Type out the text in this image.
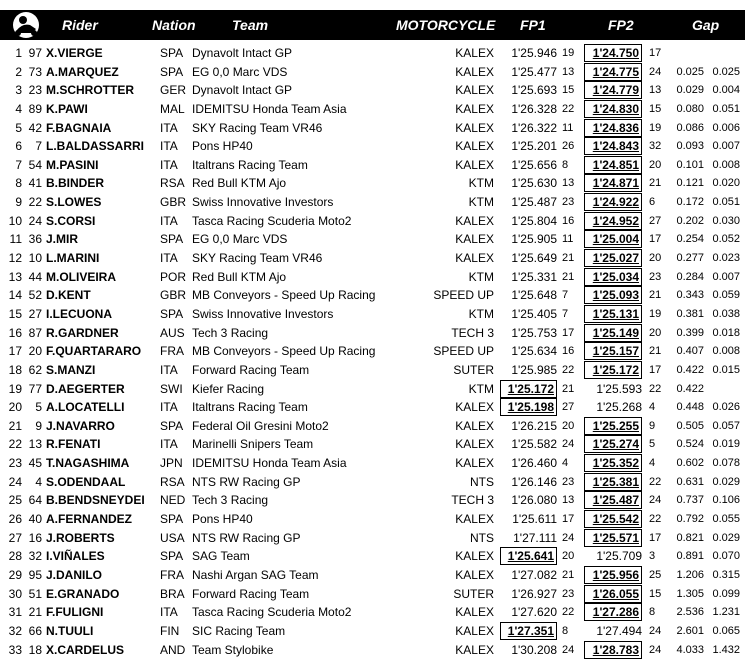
Rider	Nation	Team	MOTORCYCLE FP1	FP2	Gap
1 97 X.VIERGE	SPA Dynavolt Intact GP	KALEX	1'25.946 19	1'24.750 17
2 73 A.MARQUEZ	SPA EG 0,0 Marc VDS	KALEX	1'25.477 13	1'24.775 24	0.025 0.025
3 23 M.SCHROTTER	GER Dynavolt Intact GP	KALEX	1'25.693 15	1'24.779 13	0.029 0.004
4 89 K.PAWI	MAL IDEMITSU Honda Team Asia	KALEX	1'26.328 22	1'24.830 15	0.080 0.051
5 42 F.BAGNAIA	ITA	SKY Racing Team VR46	KALEX	1'26.322 11	1'24.836 19	0.086 0.006
6	7 L.BALDASSARRI	ITA	Pons HP40	KALEX	1'25.201 26	1'24.843 32	0.093 0.007
7 54 M.PASINI	ITA	Italtrans Racing Team	KALEX	1'25.656 8	1'24.851 20	0.101 0.008
8 41 B.BINDER	RSA Red Bull KTM Ajo	KTM	1'25.630 13	1'24.871 21	0.121 0.020
9 22 S.LOWES	GBR Swiss Innovative Investors	KTM	1'25.487 23	1'24.922 6	0.172 0.051
10 24 S.CORSI	ITA	Tasca Racing Scuderia Moto2	KALEX	1'25.804 16	1'24.952 27	0.202 0.030
11 36 J.MIR	SPA EG 0,0 Marc VDS	KALEX	1'25.905 11	1'25.004 17	0.254 0.052
12 10 L.MARINI	ITA	SKY Racing Team VR46	KALEX	1'25.649 21	1'25.027 20	0.277 0.023
13 44 M.OLIVEIRA	POR Red Bull KTM Ajo	KTM	1'25.331 21	1'25.034 23	0.284 0.007
14 52 D.KENT	GBR MB Conveyors - Speed Up Racing	SPEED UP	1'25.648 7	1'25.093 21	0.343 0.059
15 27 I.LECUONA	SPA Swiss Innovative Investors	KTM	1'25.405 7	1'25.131 19	0.381 0.038
16 87 R.GARDNER	AUS Tech 3 Racing	TECH 3	1'25.753 17	1'25.149 20	0.399 0.018
17 20 F.QUARTARARO	FRA MB Conveyors - Speed Up Racing	SPEED UP	1'25.634 16	1'25.157 21	0.407 0.008
18 62 S.MANZI	ITA	Forward Racing Team	SUTER	1'25.985 22	1'25.172 17	0.422 0.015
19 77 D.AEGERTER	SWI Kiefer Racing	KTM	1'25.172 21	1'25.593 22	0.422
20	5 A.LOCATELLI	ITA	Italtrans Racing Team	KALEX	1'25.198 27	1'25.268 4	0.448 0.026
21	9 J.NAVARRO	SPA Federal Oil Gresini Moto2	KALEX	1'26.215 20	1'25.255 9	0.505 0.057
22 13 R.FENATI	ITA	Marinelli Snipers Team	KALEX	1'25.582 24	1'25.274 5	0.524 0.019
23 45 T.NAGASHIMA	JPN IDEMITSU Honda Team Asia	KALEX	1'26.460 4	1'25.352 4	0.602 0.078
24	4 S.ODENDAAL	RSA NTS RW Racing GP	NTS	1'26.146 23	1'25.381 22	0.631 0.029
25 64 B.BENDSNEYDEI	NED Tech 3 Racing	TECH 3	1'26.080 13	1'25.487 24	0.737 0.106
26 40 A.FERNANDEZ	SPA Pons HP40	KALEX	1'25.611 17	1'25.542 22	0.792 0.055
27 16 J.ROBERTS	USA NTS RW Racing GP	NTS	1'27.111 24	1'25.571 17	0.821 0.029
28 32 I.VIÑALES	SPA SAG Team	KALEX	1'25.641 20	1'25.709 3	0.891 0.070
29 95 J.DANILO	FRA Nashi Argan SAG Team	KALEX	1'27.082 21	1'25.956 25	1.206 0.315
30 51 E.GRANADO	BRA Forward Racing Team	SUTER	1'26.927 23	1'26.055 15	1.305 0.099
31 21 F.FULIGNI	ITA	Tasca Racing Scuderia Moto2	KALEX	1'27.620 22	1'27.286 8	2.536 1.231
32 66 N.TUULI	FIN	SIC Racing Team	KALEX	1'27.351 8	1'27.494 24	2.601 0.065
33 18 X.CARDELUS	AND Team Stylobike	KALEX	1'30.208 24	1'28.783 24	4.033 1.432
